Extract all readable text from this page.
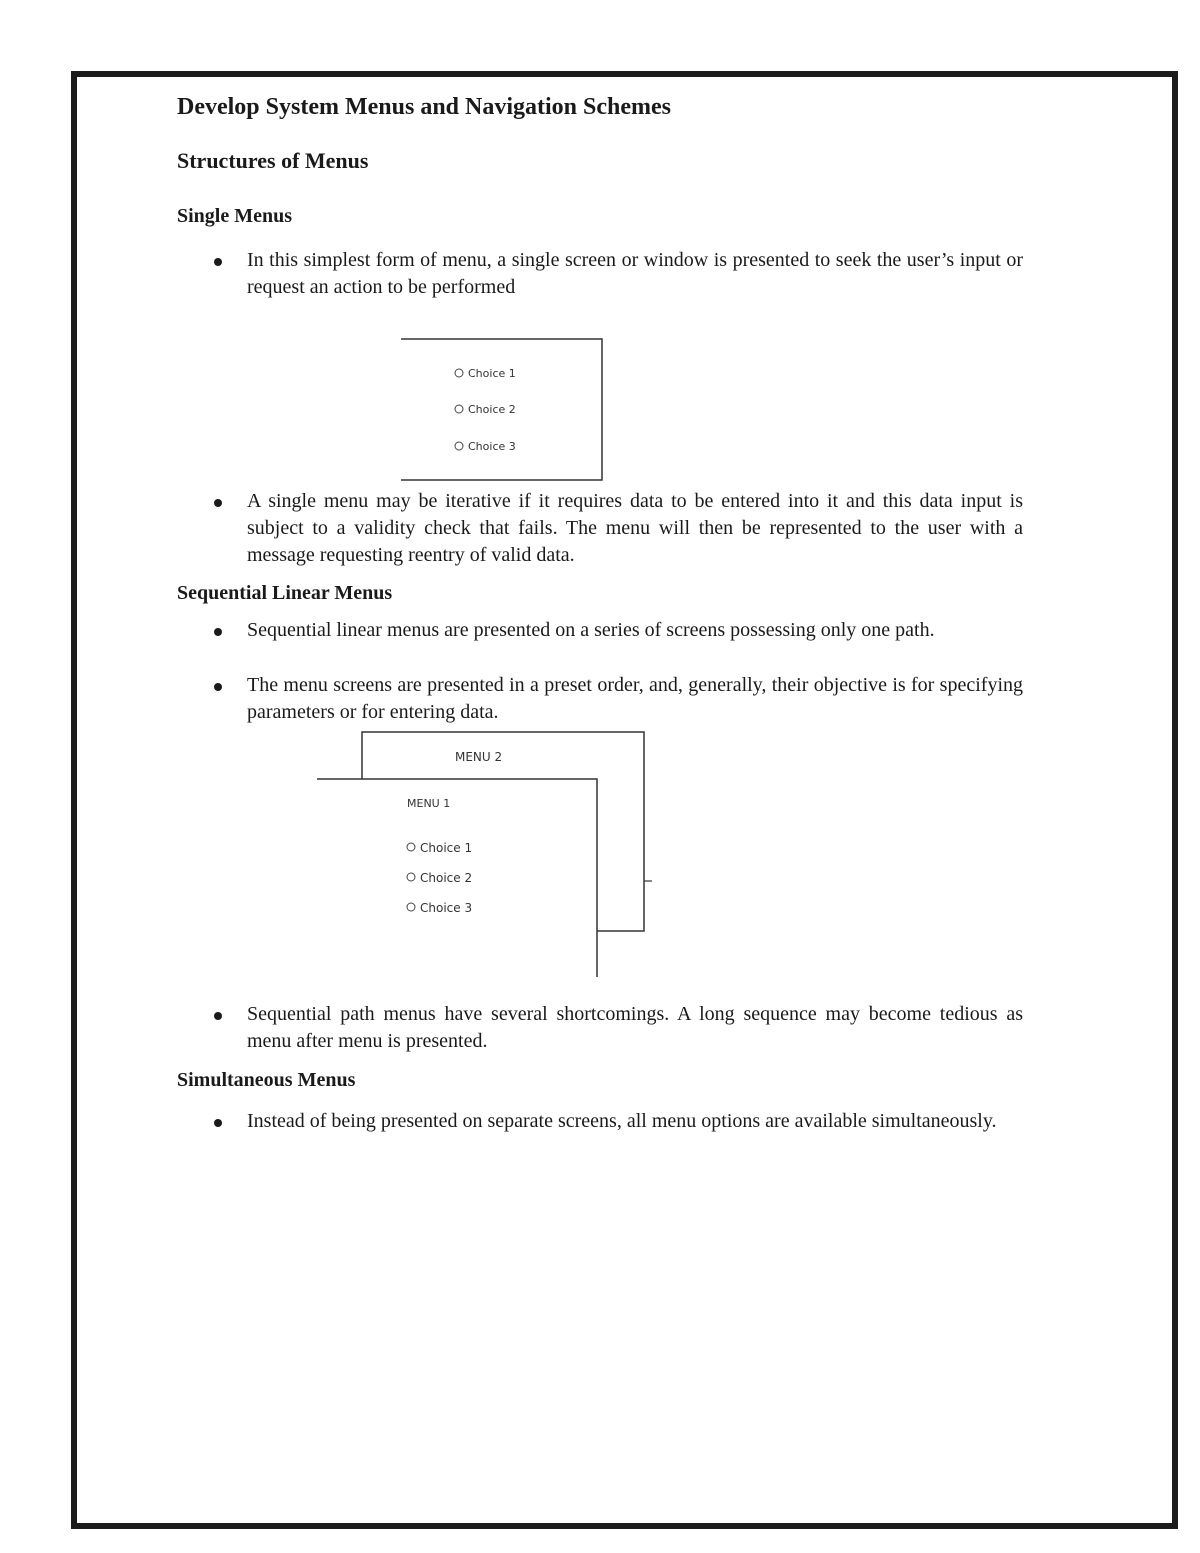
Develop System Menus and Navigation Schemes
Structures of Menus
Single Menus
In this simplest form of menu, a single screen or window is presented to seek the user’s input or request an action to be performed
Choice 1
Choice 2
Choice 3
A single menu may be iterative if it requires data to be entered into it and this data input is subject to a validity check that fails. The menu will then be represented to the user with a message requesting reentry of valid data.
Sequential Linear Menus
Sequential linear menus are presented on a series of screens possessing only one path.
The menu screens are presented in a preset order, and, generally, their objective is for specifying parameters or for entering data.
MENU 2
MENU 1
Choice 1
Choice 2
Choice 3
Sequential path menus have several shortcomings. A long sequence may become tedious as menu after menu is presented.
Simultaneous Menus
Instead of being presented on separate screens, all menu options are available simultaneously.
